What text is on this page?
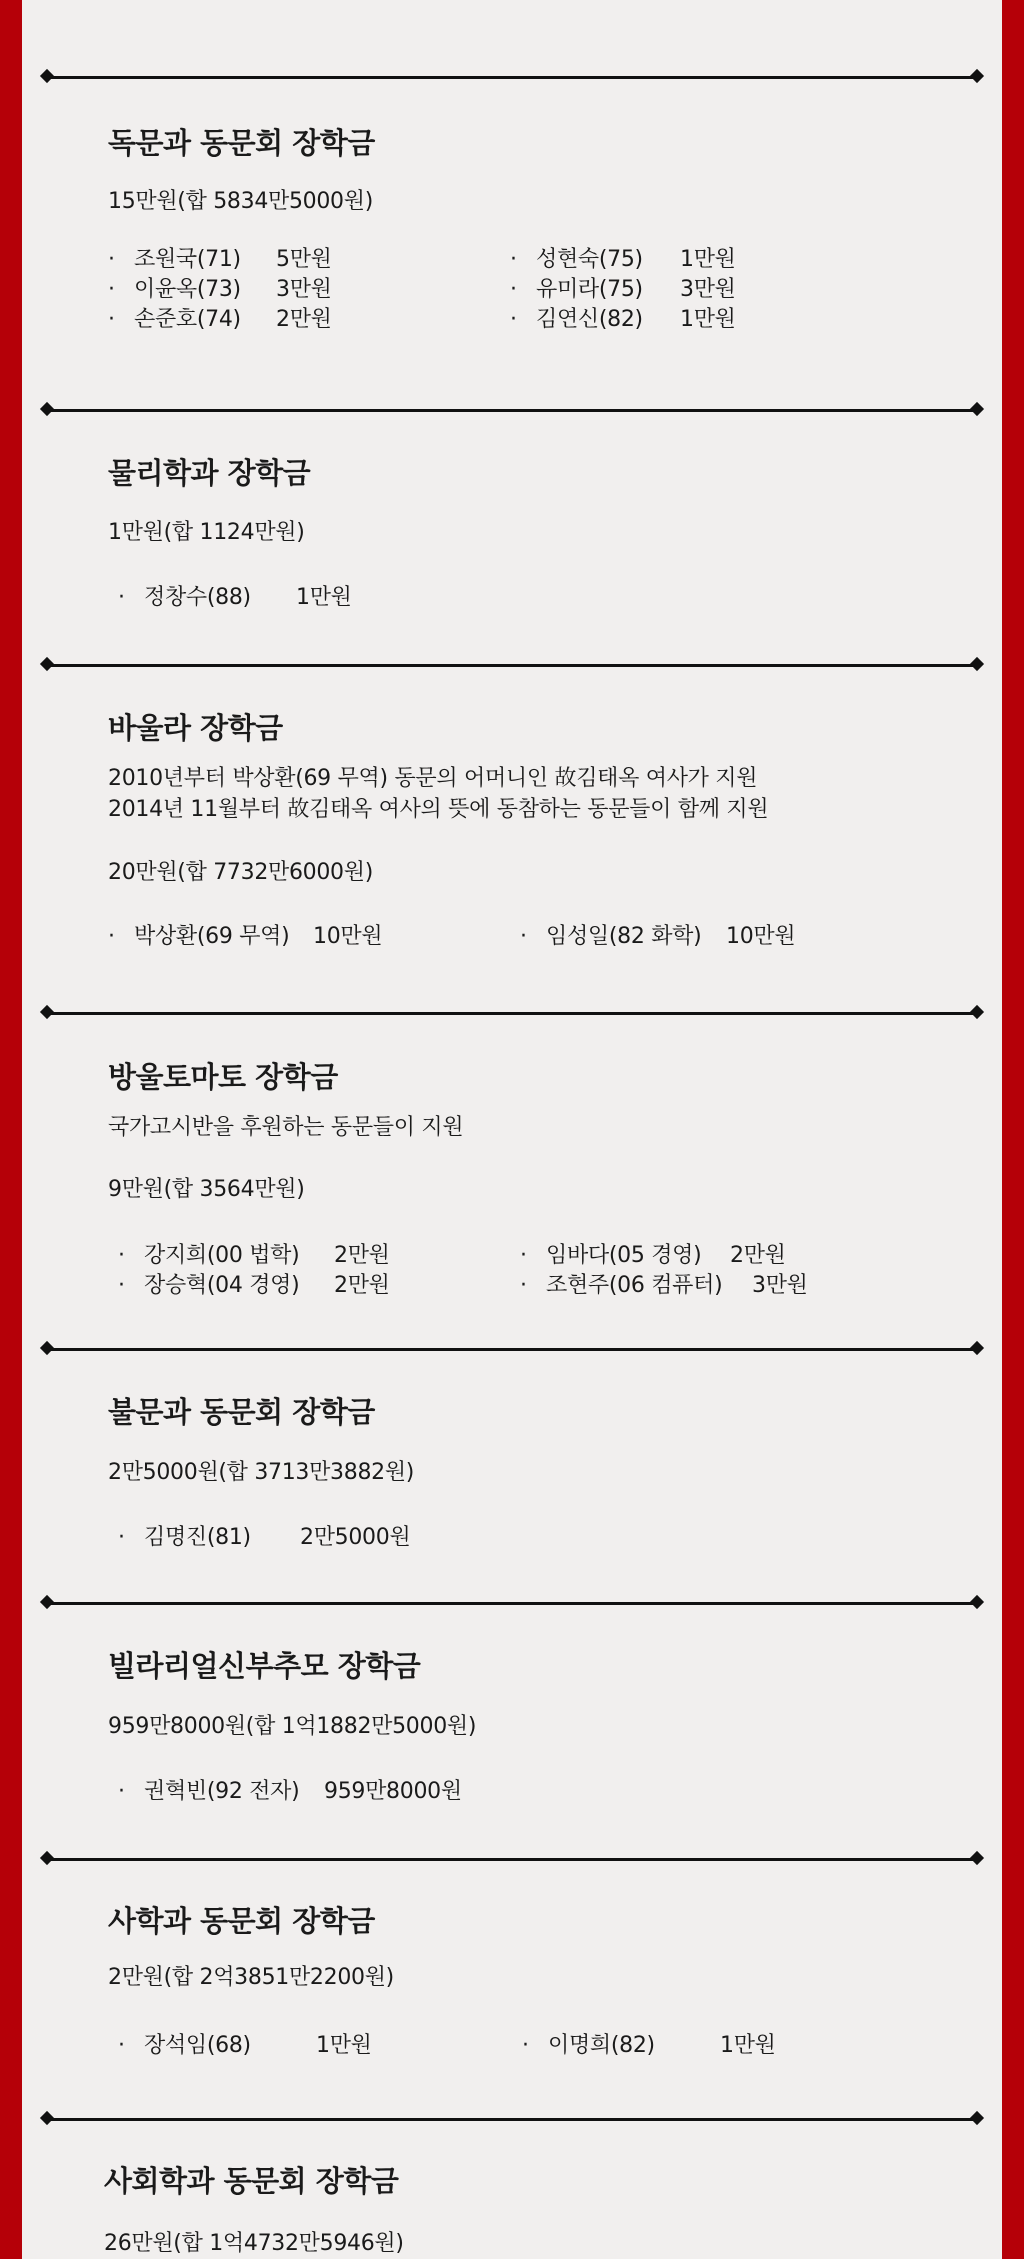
독문과 동문회 장학금
15만원(합 5834만5000원)
· 조원국(71) 5만원
· 이윤옥(73) 3만원
· 손준호(74) 2만원
· 성현숙(75) 1만원
· 유미라(75) 3만원
· 김연신(82) 1만원
물리학과 장학금
1만원(합 1124만원)
· 정창수(88) 1만원
바울라 장학금
2010년부터 박상환(69 무역) 동문의 어머니인 故김태옥 여사가 지원
2014년 11월부터 故김태옥 여사의 뜻에 동참하는 동문들이 함께 지원
20만원(합 7732만6000원)
· 박상환(69 무역) 10만원	· 임성일(82 화학) 10만원
방울토마토 장학금
국가고시반을 후원하는 동문들이 지원
9만원(합 3564만원)
· 강지희(00 법학) 2만원
· 장승혁(04 경영) 2만원
· 임바다(05 경영) 2만원
· 조현주(06 컴퓨터) 3만원
불문과 동문회 장학금
2만5000원(합 3713만3882원)
· 김명진(81) 2만5000원
빌라리얼신부추모 장학금
959만8000원(합 1억1882만5000원)
· 권혁빈(92 전자) 959만8000원
사학과 동문회 장학금
2만원(합 2억3851만2200원)
· 장석임(68)	1만원	· 이명희(82)	1만원
사회학과 동문회 장학금
26만원(합 1억4732만5946원)
